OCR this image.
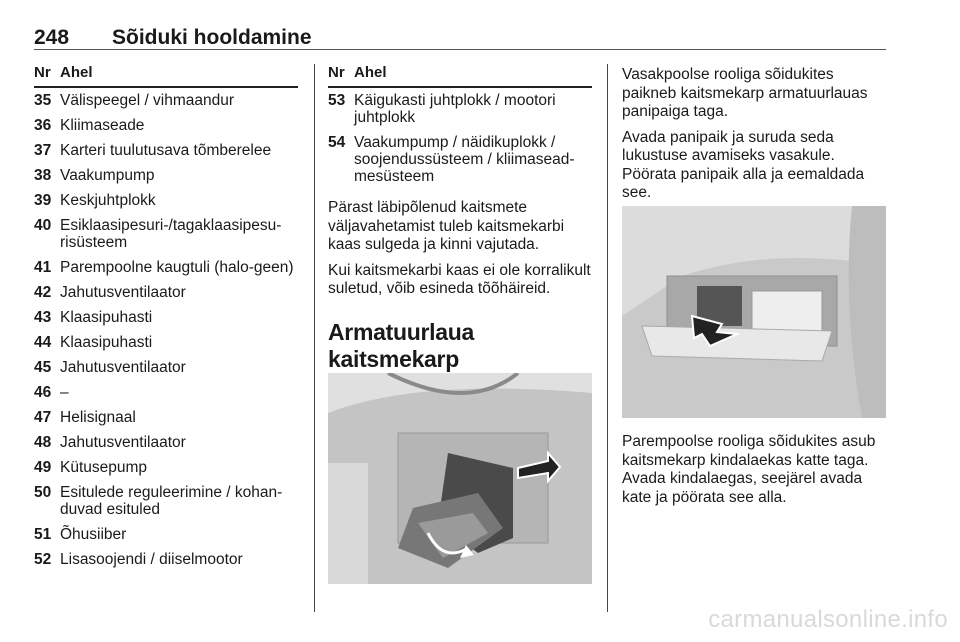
248 Sõiduki hooldamine
Nr Ahel
35 Välispeegel / vihmaandur
36 Kliimaseade
37 Karteri tuulutusava tõmberelee
38 Vaakumpump
39 Keskjuhtplokk
40 Esiklaasipesuri-/tagaklaasipesu-risüsteem
41 Parempoolne kaugtuli (halo-geen)
42 Jahutusventilaator
43 Klaasipuhasti
44 Klaasipuhasti
45 Jahutusventilaator
46 –
47 Helisignaal
48 Jahutusventilaator
49 Kütusepump
50 Esitulede reguleerimine / kohan-duvad esituled
51 Õhusiiber
52 Lisasoojendi / diiselmootor
Nr Ahel
53 Käigukasti juhtplokk / mootori juhtplokk
54 Vaakumpump / näidikuplokk / soojendussüsteem / kliimasead-mesüsteem

Pärast läbipõlenud kaitsmete väljavahetamist tuleb kaitsmekarbi kaas sulgeda ja kinni vajutada.

Kui kaitsmekarbi kaas ei ole korralikult suletud, võib esineda tõõhäireid.

Armatuurlaua kaitsmekarp

Vasakpoolse rooliga sõidukites paikneb kaitsmekarp armatuurlauas panipaiga taga.

Avada panipaik ja suruda seda lukustuse avamiseks vasakule. Pöörata panipaik alla ja eemaldada see.

Parempoolse rooliga sõidukites asub kaitsmekarp kindalaekas katte taga. Avada kindalaegas, seejärel avada kate ja pöörata see alla.

carmanualsonline.info
